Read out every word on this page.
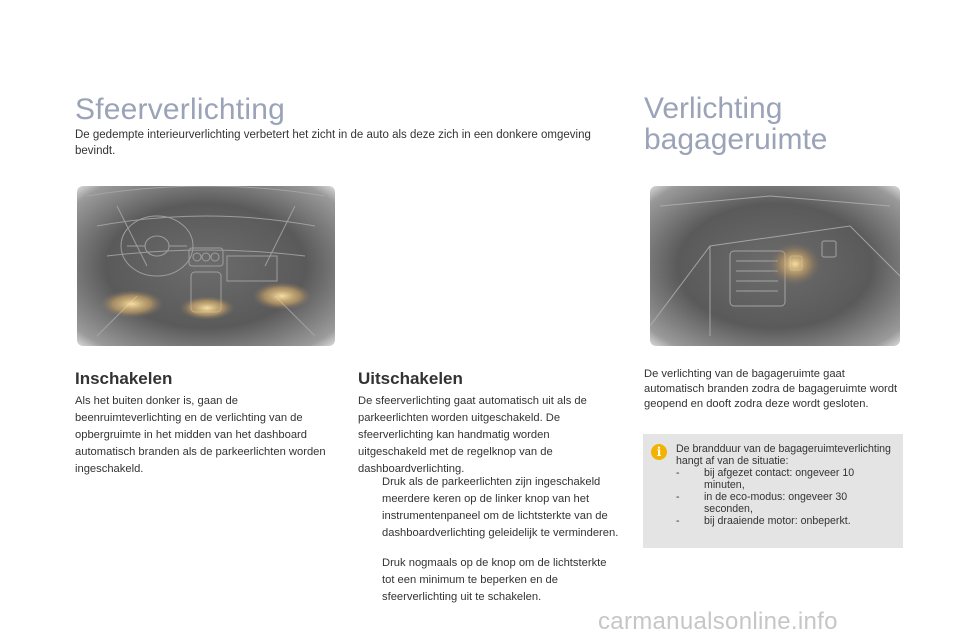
Sfeerverlichting
De gedempte interieurverlichting verbetert het zicht in de auto als deze zich in een donkere omgeving bevindt.
Verlichting bagageruimte
Inschakelen
Als het buiten donker is, gaan de beenruimteverlichting en de verlichting van de opbergruimte in het midden van het dashboard automatisch branden als de parkeerlichten worden ingeschakeld.
Uitschakelen
De sfeerverlichting gaat automatisch uit als de parkeerlichten worden uitgeschakeld. De sfeerverlichting kan handmatig worden uitgeschakeld met de regelknop van de dashboardverlichting.
Druk als de parkeerlichten zijn ingeschakeld meerdere keren op de linker knop van het instrumentenpaneel om de lichtsterkte van de dashboardverlichting geleidelijk te verminderen.
Druk nogmaals op de knop om de lichtsterkte tot een minimum te beperken en de sfeerverlichting uit te schakelen.
De verlichting van de bagageruimte gaat automatisch branden zodra de bagageruimte wordt geopend en dooft zodra deze wordt gesloten.
i	De brandduur van de bagageruimteverlichting hangt af van de situatie:
- bij afgezet contact: ongeveer 10 minuten,
- in de eco-modus: ongeveer 30 seconden,
- bij draaiende motor: onbeperkt.
carmanualsonline.info
